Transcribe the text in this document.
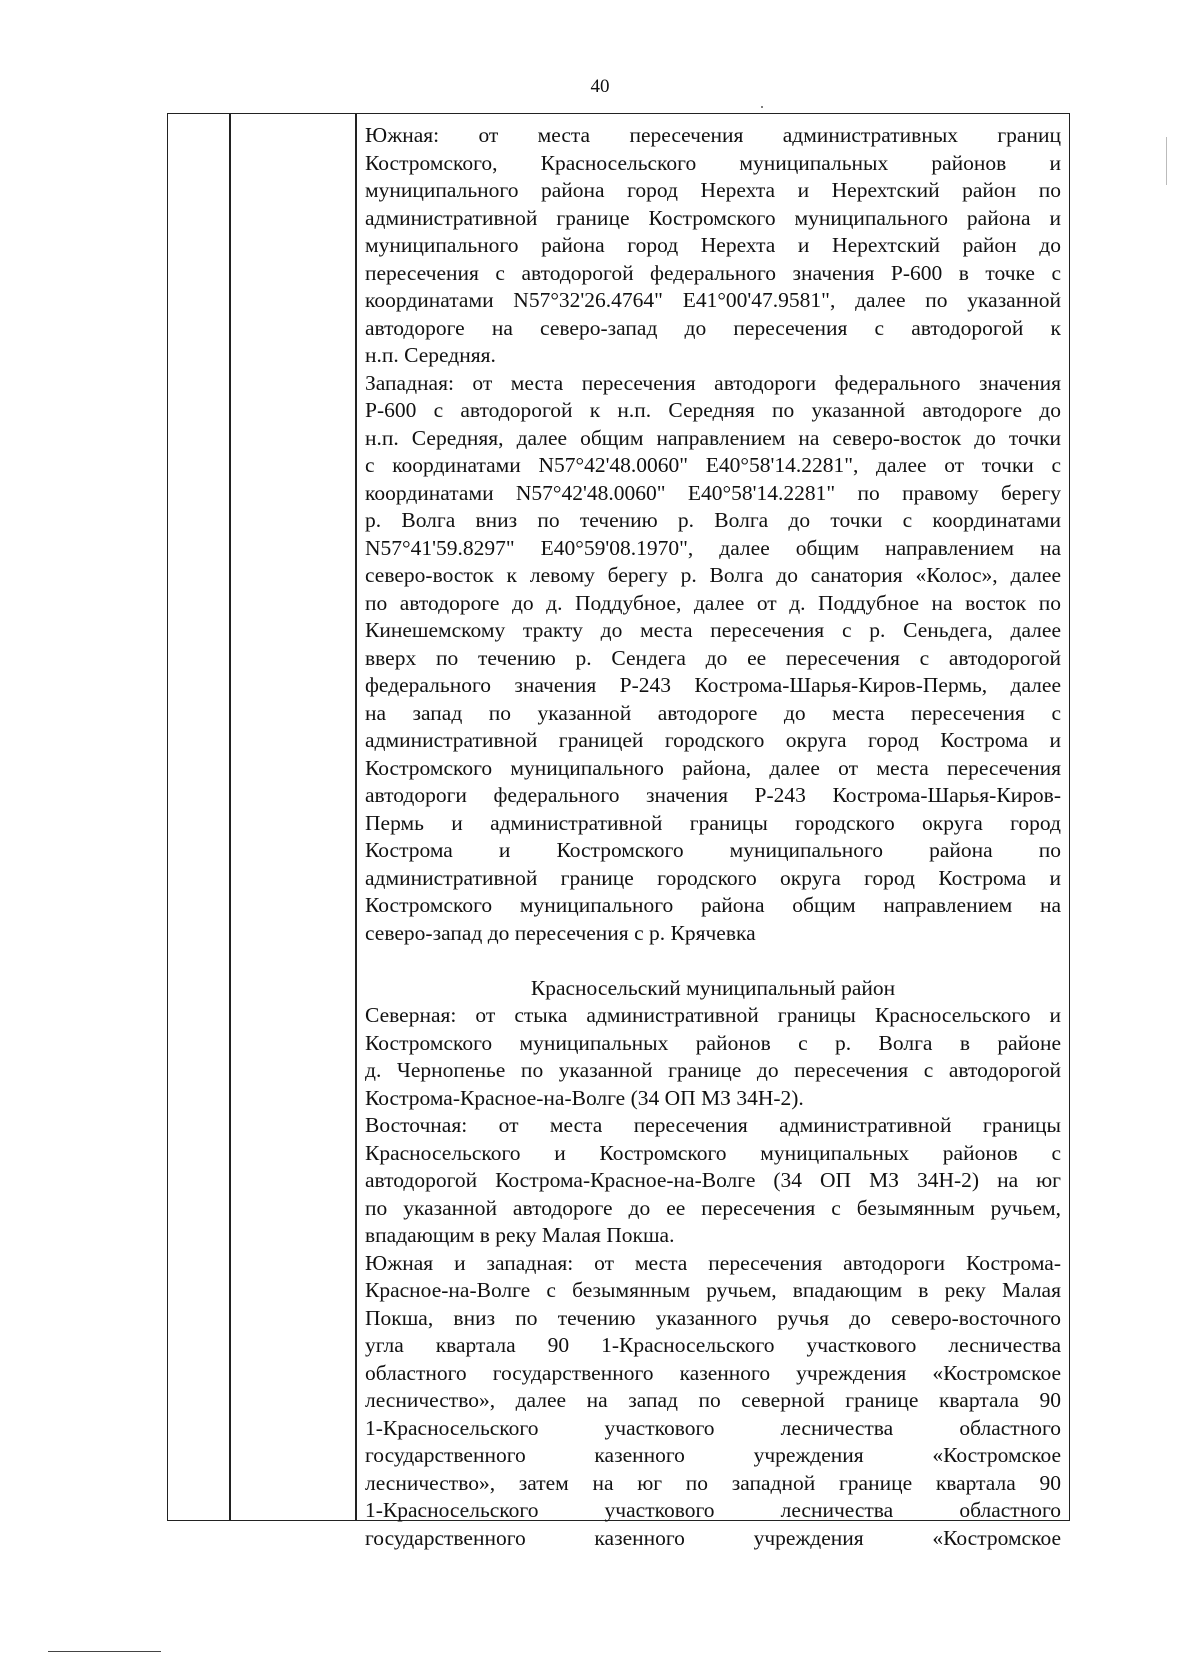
40
Южная: от места пересечения административных границ
Костромского, Красносельского муниципальных районов и
муниципального района город Нерехта и Нерехтский район по
административной границе Костромского муниципального района и
муниципального района город Нерехта и Нерехтский район до
пересечения с автодорогой федерального значения Р-600 в точке с
координатами N57°32'26.4764" E41°00'47.9581", далее по указанной
автодороге на северо-запад до пересечения с автодорогой к
н.п. Середняя.
Западная: от места пересечения автодороги федерального значения
Р-600 с автодорогой к н.п. Середняя по указанной автодороге до
н.п. Середняя, далее общим направлением на северо-восток до точки
с координатами N57°42'48.0060" E40°58'14.2281", далее от точки с
координатами N57°42'48.0060" E40°58'14.2281" по правому берегу
р. Волга вниз по течению р. Волга до точки с координатами
N57°41'59.8297" E40°59'08.1970", далее общим направлением на
северо-восток к левому берегу р. Волга до санатория «Колос», далее
по автодороге до д. Поддубное, далее от д. Поддубное на восток по
Кинешемскому тракту до места пересечения с р. Сеньдега, далее
вверх по течению р. Сендега до ее пересечения с автодорогой
федерального значения Р-243 Кострома-Шарья-Киров-Пермь, далее
на запад по указанной автодороге до места пересечения с
административной границей городского округа город Кострома и
Костромского муниципального района, далее от места пересечения
автодороги федерального значения Р-243 Кострома-Шарья-Киров-
Пермь и административной границы городского округа город
Кострома и Костромского муниципального района по
административной границе городского округа город Кострома и
Костромского муниципального района общим направлением на
северо-запад до пересечения с р. Крячевка
Красносельский муниципальный район
Северная: от стыка административной границы Красносельского и
Костромского муниципальных районов с р. Волга в районе
д. Чернопенье по указанной границе до пересечения с автодорогой
Кострома-Красное-на-Волге (34 ОП МЗ 34Н-2).
Восточная: от места пересечения административной границы
Красносельского и Костромского муниципальных районов с
автодорогой Кострома-Красное-на-Волге (34 ОП МЗ 34Н-2) на юг
по указанной автодороге до ее пересечения с безымянным ручьем,
впадающим в реку Малая Покша.
Южная и западная: от места пересечения автодороги Кострома-
Красное-на-Волге с безымянным ручьем, впадающим в реку Малая
Покша, вниз по течению указанного ручья до северо-восточного
угла квартала 90 1-Красносельского участкового лесничества
областного государственного казенного учреждения «Костромское
лесничество», далее на запад по северной границе квартала 90
1-Красносельского участкового лесничества областного
государственного казенного учреждения «Костромское
лесничество», затем на юг по западной границе квартала 90
1-Красносельского участкового лесничества областного
государственного казенного учреждения «Костромское
